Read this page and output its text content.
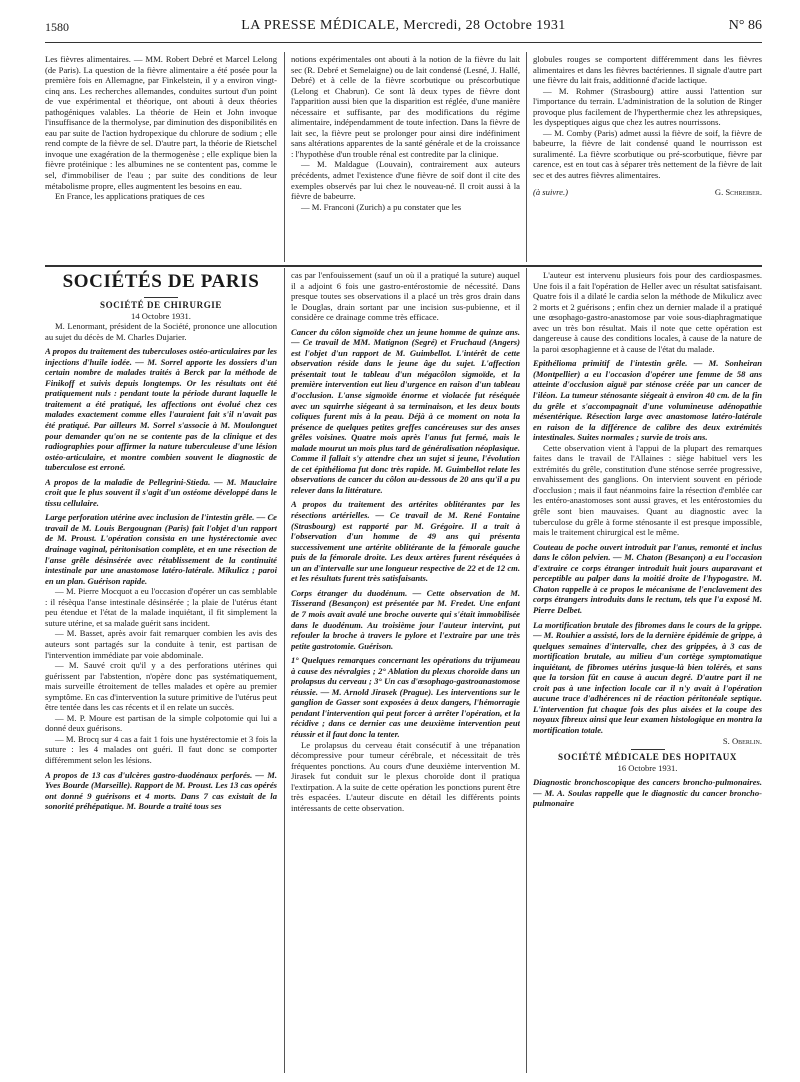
1580	LA PRESSE MÉDICALE, Mercredi, 28 Octobre 1931	N° 86

Les fièvres alimentaires. — MM. Robert Debré et Marcel Lelong (de Paris). La question de la fièvre alimentaire a été posée pour la première fois en Allemagne, par Finkelstein, il y a environ vingt-cinq ans. Les recherches allemandes, conduites surtout d'un point de vue expérimental et théorique, ont abouti à deux théories pathogéniques valables. La théorie de Hein et John invoque l'insuffisance de la thermolyse, par diminution des disponibilités en eau par suite de l'action hydropexique du chlorure de sodium ; elle rend compte de la fièvre de sel. D'autre part, la théorie de Rietschel invoque une exagération de la thermogenèse ; elle explique bien la fièvre protéinique : les albumines ne se contentent pas, comme le sel, d'immobiliser de l'eau ; par suite des conditions de leur métabolisme propre, elles augmentent les besoins en eau.

En France, les applications pratiques de ces

notions expérimentales ont abouti à la notion de la fièvre du lait sec (R. Debré et Semelaigne) ou de lait condensé (Lesné, J. Hallé, Debré) et à celle de la fièvre scorbutique ou préscorbutique (Lelong et Chabrun). Ce sont là deux types de fièvre dont l'apparition aussi bien que la disparition est réglée, d'une manière nécessaire et suffisante, par des modifications du régime alimentaire, indépendamment de toute infection. Dans la fièvre de lait sec, la fièvre peut se prolonger pour ainsi dire indéfiniment sans altérations apparentes de la santé générale et de la croissance : l'hypothèse d'un trouble rénal est contredite par la clinique.

— M. Maldague (Louvain), contrairement aux auteurs précédents, admet l'existence d'une fièvre de soif dont il cite des exemples observés par lui chez le nouveau-né. Il croit aussi à la fièvre de babeurre.

— M. Franconi (Zurich) a pu constater que les

globules rouges se comportent différemment dans les fièvres alimentaires et dans les fièvres bactériennes. Il signale d'autre part une fièvre du lait frais, additionné d'acide lactique.

— M. Rohmer (Strasbourg) attire aussi l'attention sur l'importance du terrain. L'administration de la solution de Ringer provoque plus facilement de l'hyperthermie chez les athrepsiques, les dyspeptiques aigus que chez les autres nourrissons.

— M. Comby (Paris) admet aussi la fièvre de soif, la fièvre de babeurre, la fièvre de lait condensé quand le nourrisson est suralimenté. La fièvre scorbutique ou pré-scorbutique, fièvre par carence, est en tout cas à séparer très nettement de la fièvre de lait sec et des autres fièvres alimentaires.

(à suivre.)	G. Schreiber.

SOCIÉTÉS DE PARIS

SOCIÉTÉ DE CHIRURGIE

14 Octobre 1931.

M. Lenormant, président de la Société, prononce une allocution au sujet du décès de M. Charles Dujarier.

A propos du traitement des tuberculoses ostéo-articulaires par les injections d'huile iodée. — M. Sorrel apporte les dossiers d'un certain nombre de malades traités à Berck par la méthode de Finikoff et suivis depuis longtemps. Or les résultats ont été pratiquement nuls : pendant toute la période durant laquelle le traitement a été pratiqué, les affections ont évolué chez ces malades exactement comme elles l'auraient fait s'il n'avait pas été pratiqué. Par ailleurs M. Sorrel s'associe à M. Moulonguet pour demander qu'on ne se contente pas de la clinique et des radiographies pour affirmer la nature tuberculeuse d'une lésion ostéo-articulaire, et montre combien souvent le diagnostic de tuberculose est erroné.

A propos de la maladie de Pellegrini-Stieda. — M. Mauclaire croit que le plus souvent il s'agit d'un ostéome développé dans le tissu cellulaire.

Large perforation utérine avec inclusion de l'intestin grêle. — Ce travail de M. Louis Bergougnan (Paris) fait l'objet d'un rapport de M. Proust. L'opération consista en une hystérectomie avec drainage vaginal, péritonisation complète, et en une résection de l'anse grêle désinsérée avec rétablissement de la continuité intestinale par une anastomose latéro-latérale. Mikulicz ; paroi en un plan. Guérison rapide.

— M. Pierre Mocquot a eu l'occasion d'opérer un cas semblable : il résèqua l'anse intestinale désinsérée ; la plaie de l'utérus étant peu étendue et l'état de la malade inquiétant, il fit simplement la suture utérine, et sa malade guérit sans incident.

— M. Basset, après avoir fait remarquer combien les avis des auteurs sont partagés sur la conduite à tenir, est partisan de l'intervention immédiate par voie abdominale.

— M. Sauvé croit qu'il y a des perforations utérines qui guérissent par l'abstention, n'opère donc pas systématiquement, mais surveille étroitement de telles malades et opère au premier symptôme. En cas d'intervention la suture primitive de l'utérus peut être tentée dans les cas récents et il en relate un succès.

— M. P. Moure est partisan de la simple colpotomie qui lui a donné deux guérisons.

— M. Brocq sur 4 cas a fait 1 fois une hystérectomie et 3 fois la suture : les 4 malades ont guéri. Il faut donc se comporter différemment selon les lésions.

A propos de 13 cas d'ulcères gastro-duodénaux perforés. — M. Yves Bourde (Marseille). Rapport de M. Proust. Les 13 cas opérés ont donné 9 guérisons et 4 morts. Dans 7 cas existait de la sonorité préhépatique. M. Bourde a traité tous ses

cas par l'enfouissement (sauf un où il a pratiqué la suture) auquel il a adjoint 6 fois une gastro-entérostomie de nécessité. Dans presque toutes ses observations il a placé un très gros drain dans le Douglas, drain sortant par une incision sus-pubienne, et il considère ce drainage comme très efficace.

Cancer du côlon sigmoïde chez un jeune homme de quinze ans. — Ce travail de MM. Matignon (Segré) et Fruchaud (Angers) est l'objet d'un rapport de M. Guimbellot. L'intérêt de cette observation réside dans le jeune âge du sujet. L'affection présentait tout le tableau d'un mégacôlon sigmoïde, et la première intervention eut lieu d'urgence en raison d'un tableau d'occlusion. L'anse sigmoïde énorme et violacée fut réséquée avec un squirrhe siégeant à sa terminaison, et les deux bouts coliques furent mis à la peau. Déjà à ce moment on nota la présence de quelques petites greffes cancéreuses sur des anses grêles voisines. Quatre mois après l'anus fut fermé, mais le malade mourut un mois plus tard de généralisation néoplasique. Comme il fallait s'y attendre chez un sujet si jeune, l'évolution de cet épithélioma fut donc très rapide. M. Guimbellot relate les observations de cancer du côlon au-dessous de 20 ans qu'il a pu relever dans la littérature.

A propos du traitement des artérites oblitérantes par les résections artérielles. — Ce travail de M. René Fontaine (Strasbourg) est rapporté par M. Grégoire. Il a trait à l'observation d'un homme de 49 ans qui présenta successivement une artérite oblitérante de la fémorale gauche puis de la fémorale droite. Les deux artères furent réséquées à un an d'intervalle sur une longueur respective de 22 et de 12 cm. et les résultats furent très satisfaisants.

Corps étranger du duodénum. — Cette observation de M. Tisserand (Besançon) est présentée par M. Fredet. Une enfant de 7 mois avait avalé une broche ouverte qui s'était immobilisée dans le duodénum. Au troisième jour l'auteur intervint, put refouler la broche à travers le pylore et l'extraire par une très petite gastrotomie. Guérison.

1° Quelques remarques concernant les opérations du trijumeau à cause des névralgies ; 2° Ablation du plexus choroïde dans un prolapsus du cerveau ; 3° Un cas d'œsophago-gastroanastomose réussie. — M. Arnold Jirasek (Prague). Les interventions sur le ganglion de Gasser sont exposées à deux dangers, l'hémorragie pendant l'intervention qui peut forcer à arrêter l'opération, et la récidive ; dans ce dernier cas une deuxième intervention peut réussir et il faut donc la tenter.

Le prolapsus du cerveau était consécutif à une trépanation décompressive pour tumeur cérébrale, et nécessitait de très fréquentes ponctions. Au cours d'une deuxième intervention M. Jirasek fut conduit sur le plexus choroïde dont il pratiqua l'extirpation. A la suite de cette opération les ponctions purent être très espacées. L'auteur discute en détail les différents points intéressants de cette observation.

L'auteur est intervenu plusieurs fois pour des cardiospasmes. Une fois il a fait l'opération de Heller avec un résultat satisfaisant. Quatre fois il a dilaté le cardia selon la méthode de Mikulicz avec 2 morts et 2 guérisons ; enfin chez un dernier malade il a pratiqué une œsophago-gastro-anastomose par voie sous-diaphragmatique avec un très bon résultat. Mais il note que cette opération est dangereuse à cause des conditions locales, à cause de la nature de la paroi œsophagienne et à cause de l'état du malade.

Epithélioma primitif de l'intestin grêle. — M. Sonheiran (Montpellier) a eu l'occasion d'opérer une femme de 58 ans atteinte d'occlusion aiguë par sténose créée par un cancer de l'iléon. La tumeur sténosante siégeait à environ 40 cm. de la fin du grêle et s'accompagnait d'une volumineuse adénopathie mésentérique. Résection large avec anastomose latéro-latérale en raison de la différence de calibre des deux extrémités intestinales. Suites normales ; survie de trois ans.

Cette observation vient à l'appui de la plupart des remarques faites dans le travail de l'Allaines : siège habituel vers les extrémités du grêle, constitution d'une sténose serrée progressive, envahissement des ganglions. On intervient souvent en période d'occlusion ; mais il faut néanmoins faire la résection d'emblée car les entéro-anastomoses sont aussi graves, et les entérostomies du grêle sont bien mauvaises. Quant au diagnostic avec la tuberculose du grêle à forme sténosante il est presque impossible, mais le traitement chirurgical est le même.

Couteau de poche ouvert introduit par l'anus, remonté et inclus dans le côlon pelvien. — M. Chaton (Besançon) a eu l'occasion d'extraire ce corps étranger introduit huit jours auparavant et perceptible au palper dans la moitié droite de l'hypogastre. M. Chaton rappelle à ce propos le mécanisme de l'enclavement des corps étrangers introduits dans le rectum, tels que l'a exposé M. Pierre Delbet.

La mortification brutale des fibromes dans le cours de la grippe. — M. Rouhier a assisté, lors de la dernière épidémie de grippe, à quelques semaines d'intervalle, chez des grippées, à 3 cas de mortification brutale, au milieu d'un cortège symptomatique inquiétant, de fibromes utérins jusque-là bien tolérés, et sans que la torsion fût en cause à aucun degré. D'autre part il ne croit pas à une infection locale car il n'y avait à l'opération aucune trace d'adhérences ni de réaction péritonéale septique. L'intervention fut chaque fois des plus aisées et la coupe des noyaux fibreux ainsi que leur examen histologique en montra la mortification totale.

S. Oberlin.

SOCIÉTÉ MÉDICALE DES HOPITAUX

16 Octobre 1931.

Diagnostic bronchoscopique des cancers broncho-pulmonaires. — M. A. Soulas rappelle que le diagnostic du cancer broncho-pulmonaire
